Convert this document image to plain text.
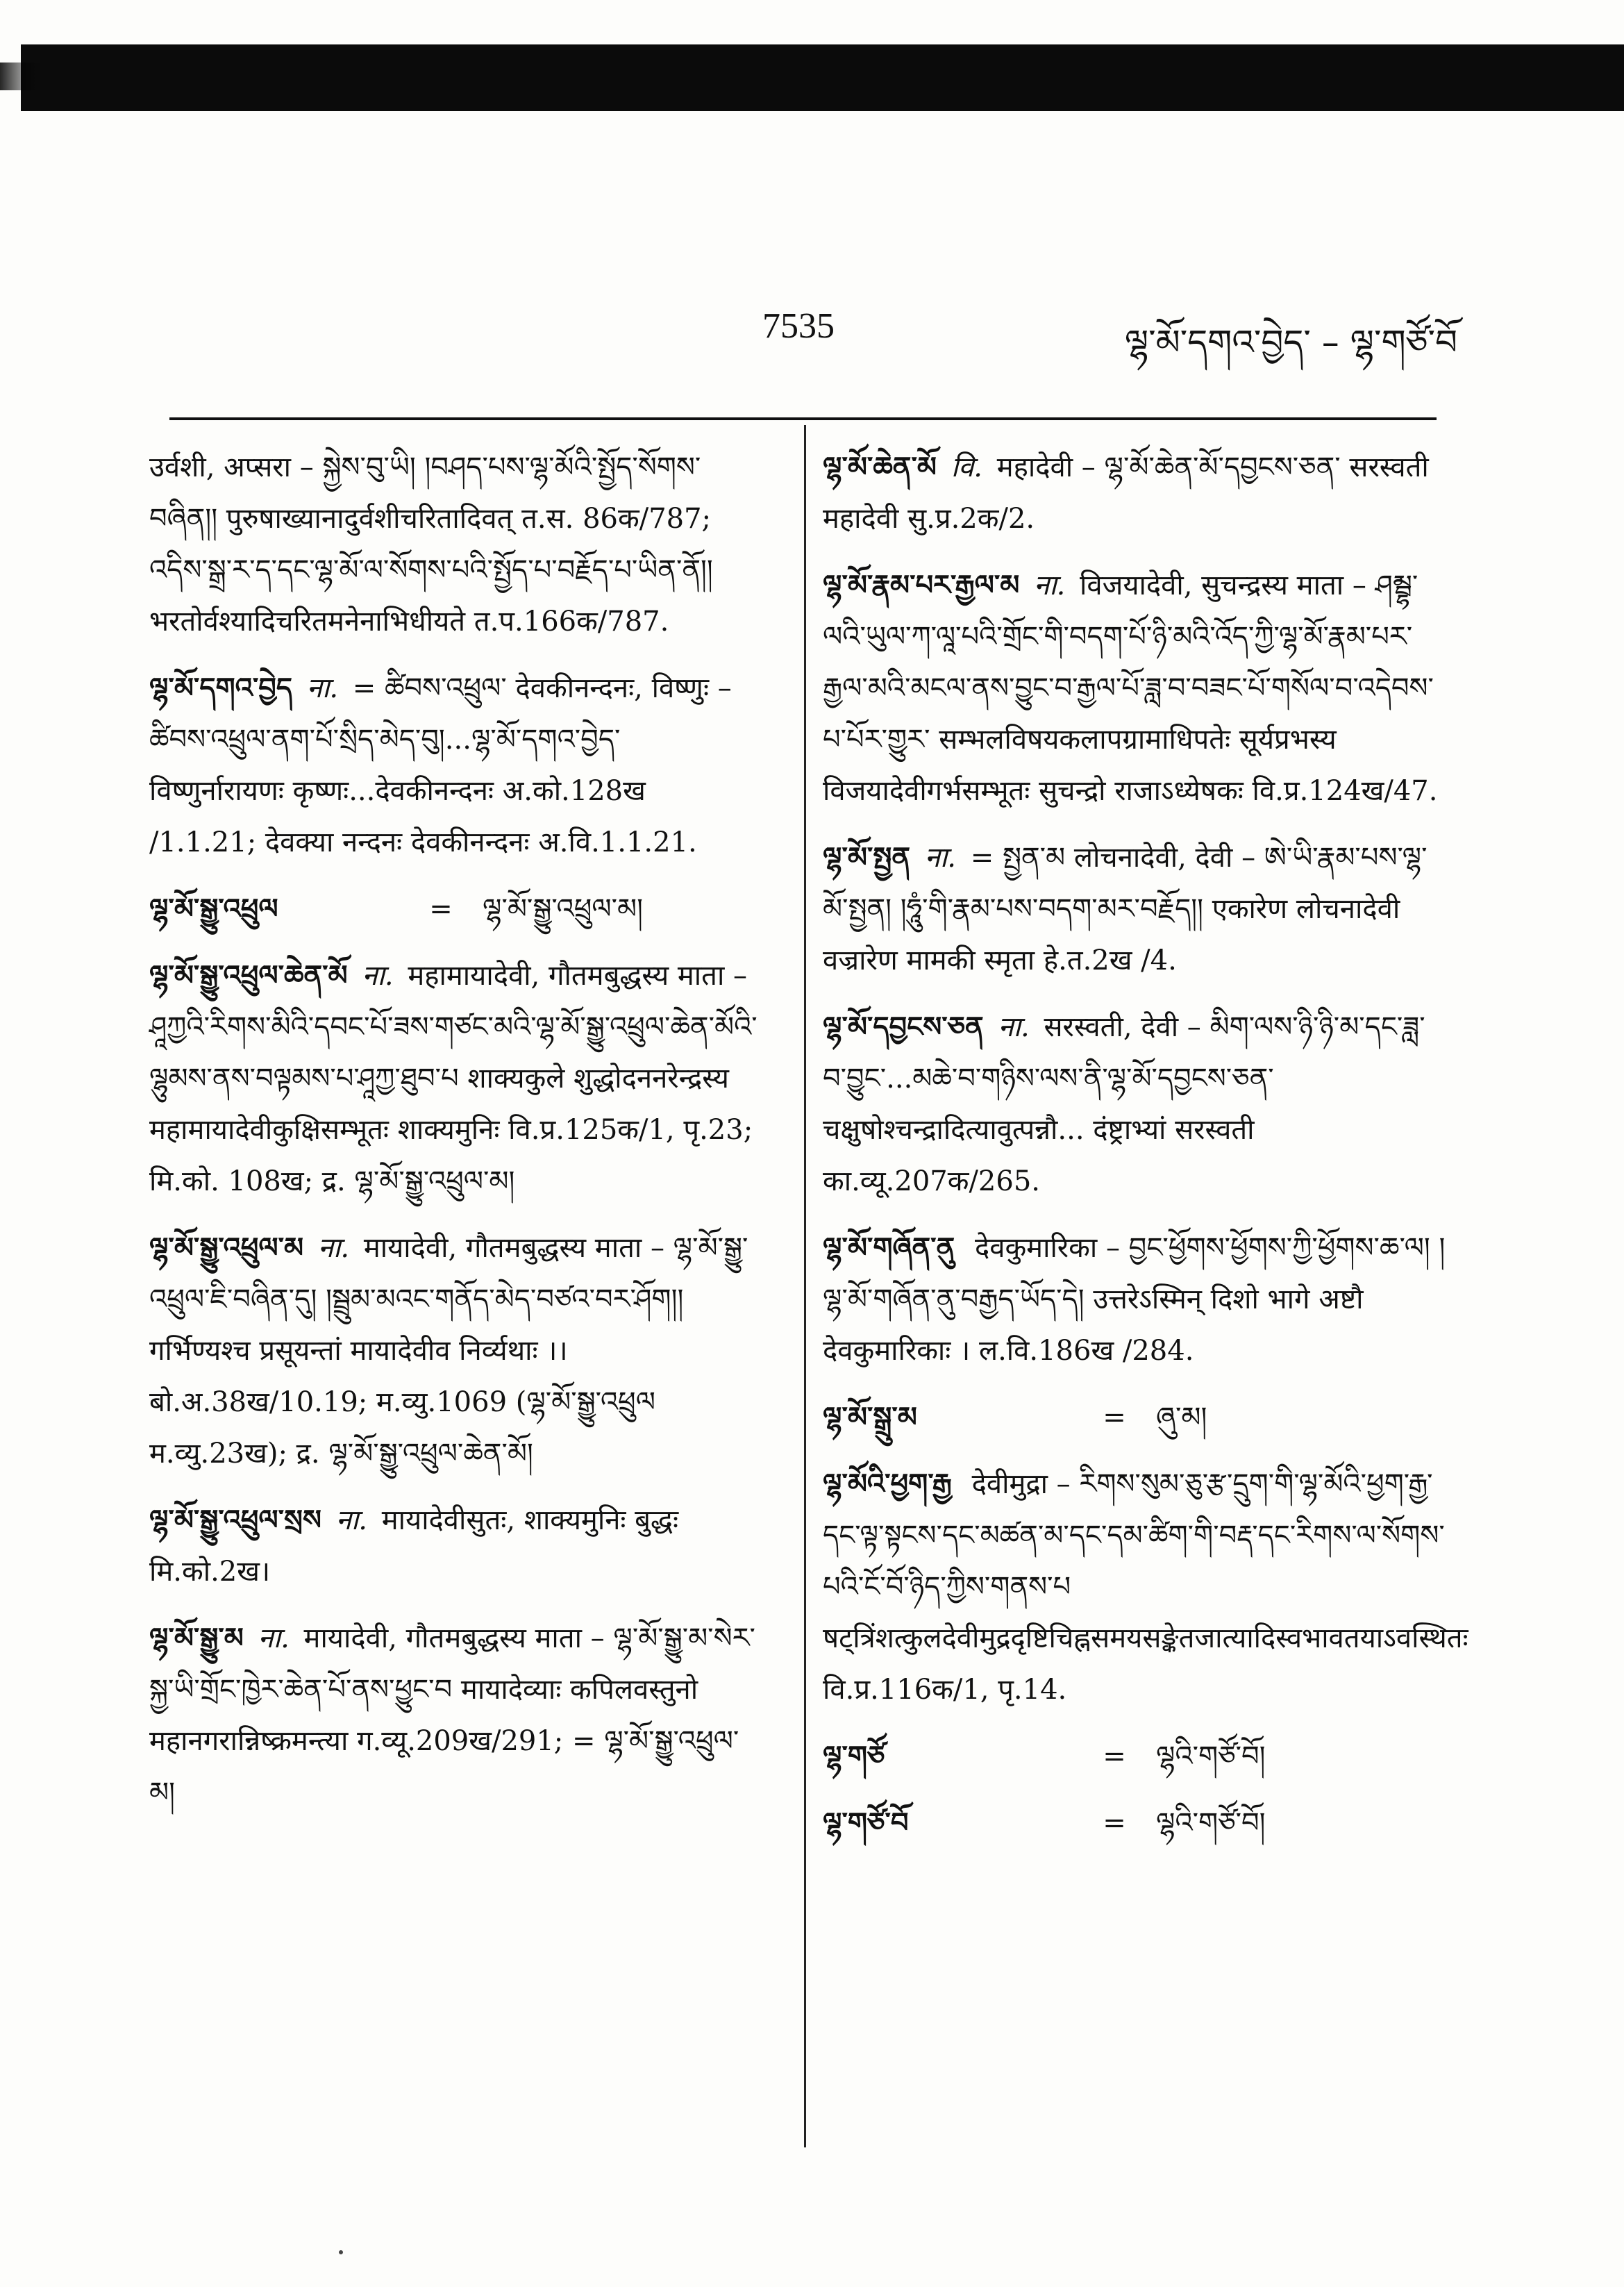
7535	ལྷ་མོ་དགའ་བྱེད་ – ལྷ་གཙོ་བོ
उर्वशी, अप्सरा – སྐྱེས་བུ་ཡི། །བཤད་པས་ལྷ་མོའི་སྤྱོད་སོགས་བཞིན།། पुरुषाख्यानादुर्वशीचरितादिवत् त.स. 86क/787; འདིས་སྒྲ་ར་ད་དང་ལྷ་མོ་ལ་སོགས་པའི་སྤྱོད་པ་བརྗོད་པ་ཡིན་ནོ།། भरतोर्वश्यादिचरितमनेनाभिधीयते त.प.166क/787.
ལྷ་མོ་དགའ་བྱེད ना. = ཚིབས་འཕྲུལ་ देवकीनन्दनः, विष्णुः – ཚིབས་འཕྲུལ་ནག་པོ་སྲིད་མེད་བུ།...ལྷ་མོ་དགའ་བྱེད་ विष्णुर्नारायणः कृष्णः...देवकीनन्दनः अ.को.128ख /1.1.21; देवक्या नन्दनः देवकीनन्दनः अ.वि.1.1.21.
ལྷ་མོ་སྒྱུ་འཕྲུལ	=	ལྷ་མོ་སྒྱུ་འཕྲུལ་མ།
ལྷ་མོ་སྒྱུ་འཕྲུལ་ཆེན་མོ ना. महामायादेवी, गौतमबुद्धस्य माता – ཤཱཀྱའི་རིགས་མིའི་དབང་པོ་ཟས་གཙང་མའི་ལྷ་མོ་སྒྱུ་འཕྲུལ་ཆེན་མོའི་ལྷུམས་ནས་བལྟམས་པ་ཤཱཀྱ་ཐུབ་པ शाक्यकुले शुद्धोदननरेन्द्रस्य महामायादेवीकुक्षिसम्भूतः शाक्यमुनिः वि.प्र.125क/1, पृ.23; मि.को. 108ख; द्र. ལྷ་མོ་སྒྱུ་འཕྲུལ་མ།
ལྷ་མོ་སྒྱུ་འཕྲུལ་མ ना. मायादेवी, गौतमबुद्धस्य माता – ལྷ་མོ་སྒྱུ་འཕྲུལ་ཇི་བཞིན་དུ། །སྦྲུམ་མའང་གནོད་མེད་བཙའ་བར་ཤོག།། गर्भिण्यश्च प्रसूयन्तां मायादेवीव निर्व्यथाः ।। बो.अ.38ख/10.19; म.व्यु.1069 (ལྷ་མོ་སྒྱུ་འཕྲུལ म.व्यु.23ख); द्र. ལྷ་མོ་སྒྱུ་འཕྲུལ་ཆེན་མོ།
ལྷ་མོ་སྒྱུ་འཕྲུལ་སྲས ना. मायादेवीसुतः, शाक्यमुनिः बुद्धः मि.को.2ख।
ལྷ་མོ་སྒྱུ་མ ना. मायादेवी, गौतमबुद्धस्य माता – ལྷ་མོ་སྒྱུ་མ་སེར་སྐྱ་ཡི་གྲོང་ཁྱེར་ཆེན་པོ་ནས་ཕྱུང་བ मायादेव्याः कपिलवस्तुनो महानगरान्निष्क्रमन्त्या ग.व्यू.209ख/291; = ལྷ་མོ་སྒྱུ་འཕྲུལ་མ།
ལྷ་མོ་ཆེན་མོ वि. महादेवी – ལྷ་མོ་ཆེན་མོ་དབྱངས་ཅན་ सरस्वती महादेवी सु.प्र.2क/2.
ལྷ་མོ་རྣམ་པར་རྒྱལ་མ ना. विजयादेवी, सुचन्द्रस्य माता – ཤམྦྷ་ལའི་ཡུལ་ཀ་ལཱ་པའི་གྲོང་གི་བདག་པོ་ཉི་མའི་འོད་ཀྱི་ལྷ་མོ་རྣམ་པར་རྒྱལ་མའི་མངལ་ནས་བྱུང་བ་རྒྱལ་པོ་ཟླ་བ་བཟང་པོ་གསོལ་བ་འདེབས་པ་པོར་གྱུར་ सम्भलविषयकलापग्रामाधिपतेः सूर्यप्रभस्य विजयादेवीगर्भसम्भूतः सुचन्द्रो राजाऽध्येषकः वि.प्र.124ख/47.
ལྷ་མོ་སྤྱན ना. = སྤྱན་མ लोचनादेवी, देवी – ཨེ་ཡི་རྣམ་པས་ལྷ་མོ་སྤྱན། །ཧཱུཾ་གི་རྣམ་པས་བདག་མར་བརྗོད།། एकारेण लोचनादेवी वज्रारेण मामकी स्मृता हे.त.2ख /4.
ལྷ་མོ་དབྱངས་ཅན ना. सरस्वती, देवी – མིག་ལས་ཉི་ཉི་མ་དང་ཟླ་བ་བྱུང་...མཆེ་བ་གཉིས་ལས་ནི་ལྷ་མོ་དབྱངས་ཅན་ चक्षुषोश्चन्द्रादित्यावुत्पन्नौ... दंष्ट्राभ्यां सरस्वती का.व्यू.207क/265.
ལྷ་མོ་གཞོན་ནུ देवकुमारिका – བྱང་ཕྱོགས་ཕྱོགས་ཀྱི་ཕྱོགས་ཆ་ལ། །ལྷ་མོ་གཞོན་ནུ་བརྒྱད་ཡོད་དེ། उत्तरेऽस्मिन् दिशो भागे अष्टौ देवकुमारिकाः । ल.वि.186ख /284.
ལྷ་མོ་སྒྲུ་མ	=	ཞུ་མ།
ལྷ་མོའི་ཕྱག་རྒྱ देवीमुद्रा – རིགས་སུམ་ཅུ་རྩ་དྲུག་གི་ལྷ་མོའི་ཕྱག་རྒྱ་དང་ལྟ་སྟངས་དང་མཚན་མ་དང་དམ་ཚིག་གི་བརྡ་དང་རིགས་ལ་སོགས་པའི་ངོ་བོ་ཉིད་ཀྱིས་གནས་པ षट्त्रिंशत्कुलदेवीमुद्रदृष्टिचिह्नसमयसङ्केतजात्यादिस्वभावतयाऽवस्थितः वि.प्र.116क/1, पृ.14.
ལྷ་གཙོ	=	ལྷའི་གཙོ་བོ།
ལྷ་གཙོ་བོ	=	ལྷའི་གཙོ་བོ།
